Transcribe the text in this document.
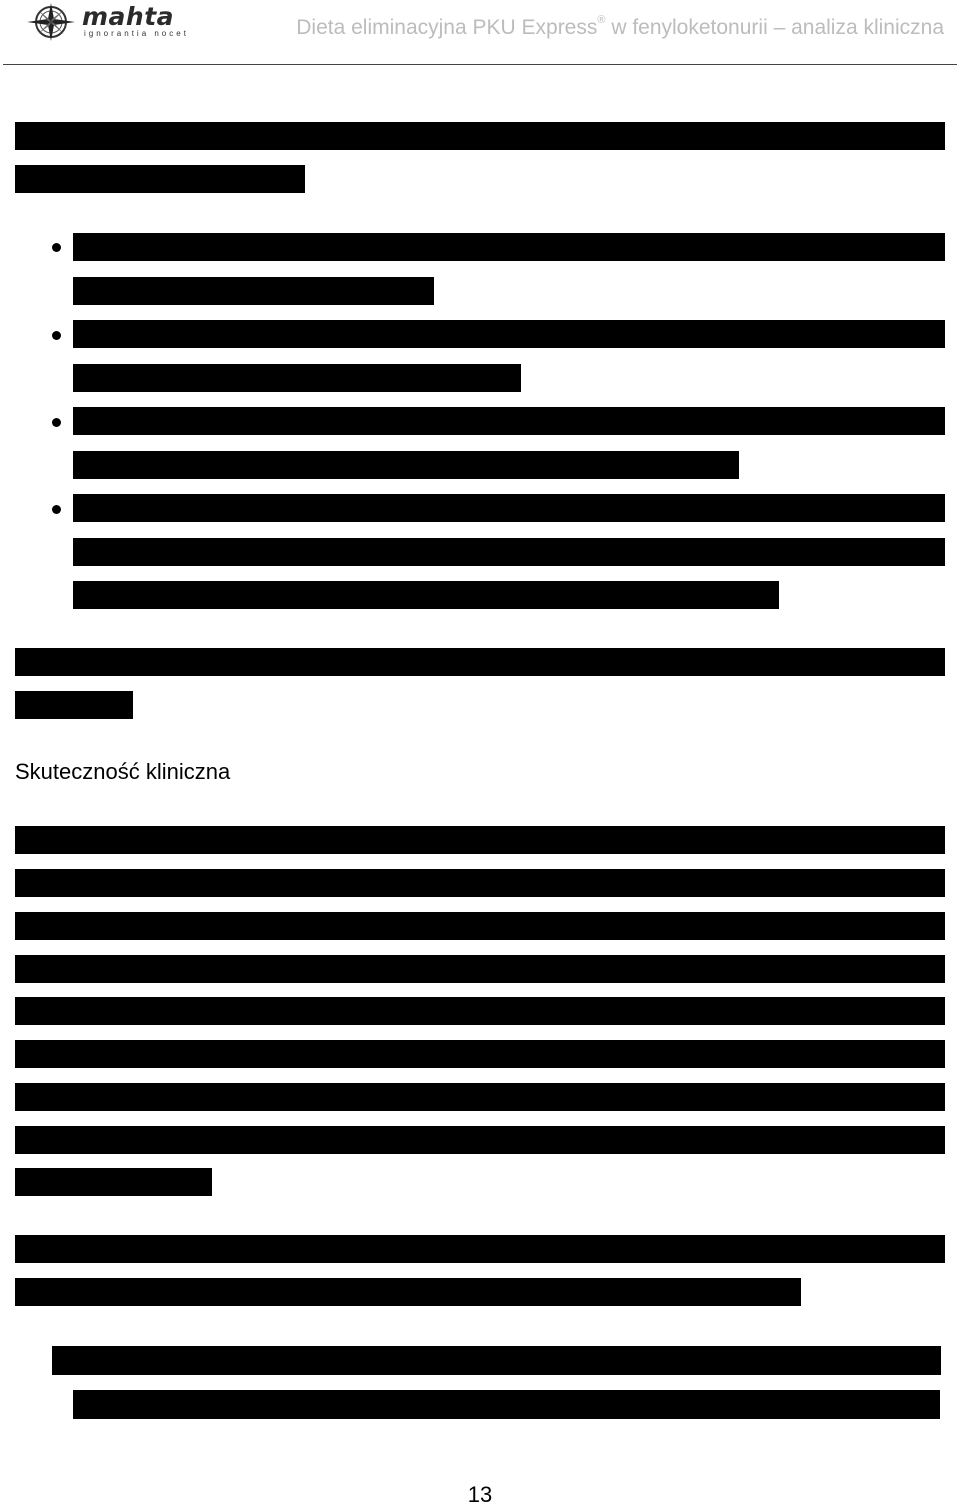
mahta
ignorantia nocet	Dieta eliminacyjna PKU Express® w fenyloketonurii – analiza kliniczna
Skuteczność kliniczna
13
